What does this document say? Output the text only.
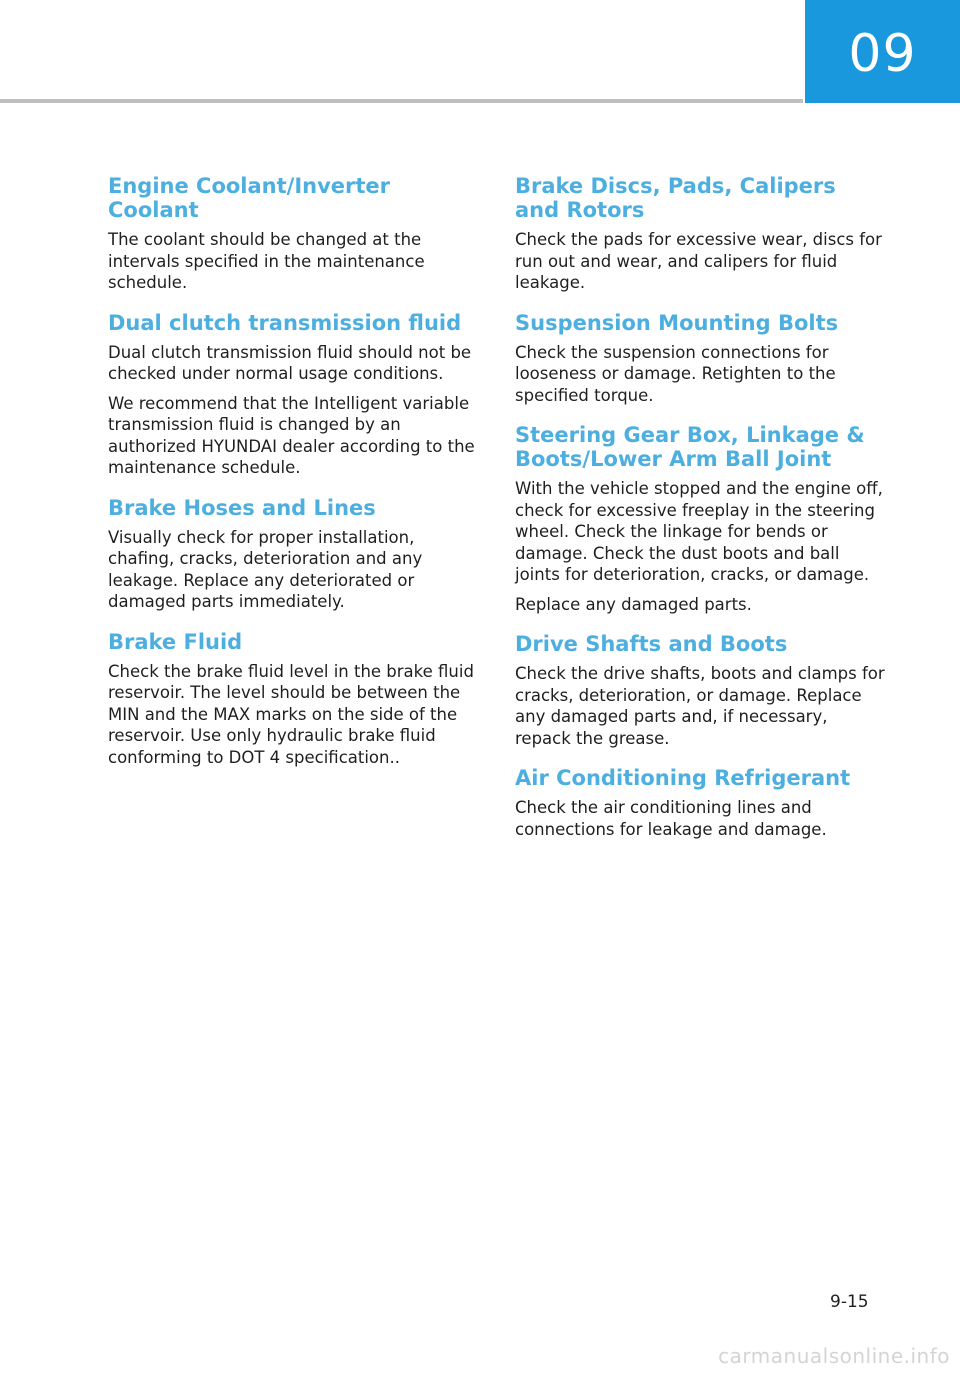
09
Engine Coolant/Inverter Coolant

The coolant should be changed at the intervals specified in the maintenance schedule.

Dual clutch transmission fluid

Dual clutch transmission fluid should not be checked under normal usage conditions.

We recommend that the Intelligent variable transmission fluid is changed by an authorized HYUNDAI dealer according to the maintenance schedule.

Brake Hoses and Lines

Visually check for proper installation, chafing, cracks, deterioration and any leakage. Replace any deteriorated or damaged parts immediately.

Brake Fluid

Check the brake fluid level in the brake fluid reservoir. The level should be between the MIN and the MAX marks on the side of the reservoir. Use only hydraulic brake fluid conforming to DOT 4 specification..

Brake Discs, Pads, Calipers and Rotors

Check the pads for excessive wear, discs for run out and wear, and calipers for fluid leakage.

Suspension Mounting Bolts

Check the suspension connections for looseness or damage. Retighten to the specified torque.

Steering Gear Box, Linkage & Boots/Lower Arm Ball Joint

With the vehicle stopped and the engine off, check for excessive freeplay in the steering wheel. Check the linkage for bends or damage. Check the dust boots and ball joints for deterioration, cracks, or damage.

Replace any damaged parts.

Drive Shafts and Boots

Check the drive shafts, boots and clamps for cracks, deterioration, or damage. Replace any damaged parts and, if necessary, repack the grease.

Air Conditioning Refrigerant

Check the air conditioning lines and connections for leakage and damage.

9-15
carmanualsonline.info
